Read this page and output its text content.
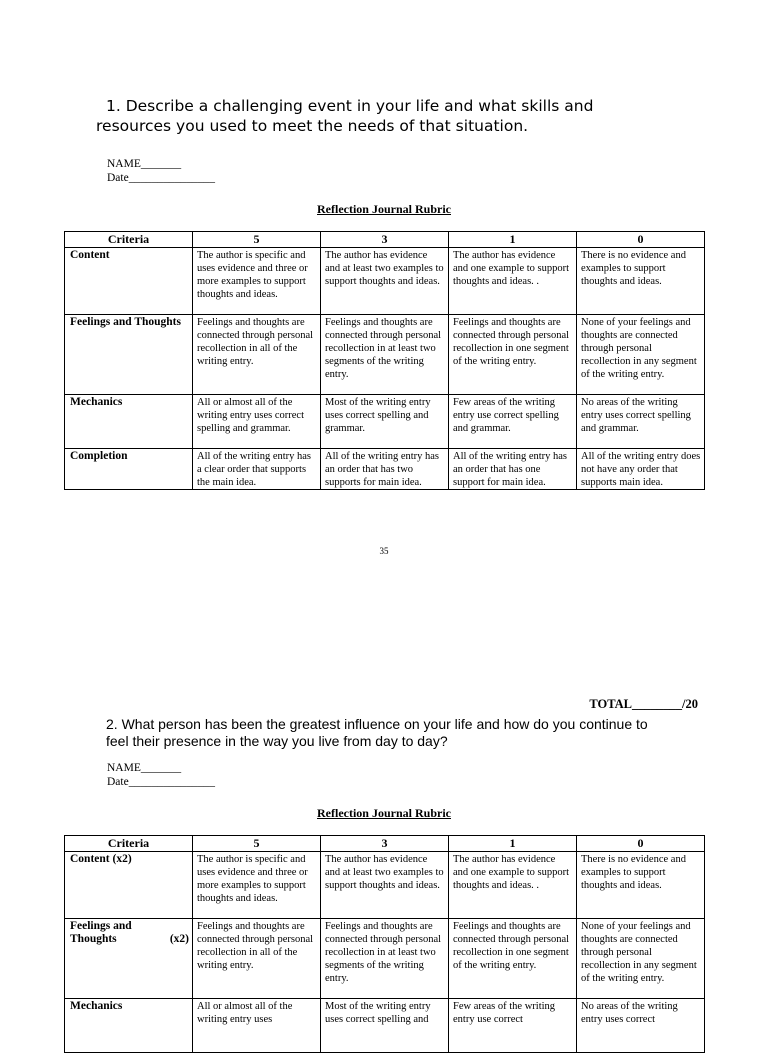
1. Describe a challenging event in your life and what skills and
resources you used to meet the needs of that situation.
NAME_______
Date_______________
Reflection Journal Rubric
Criteria	5	3	1	0
Content	The author is specific and uses evidence and three or more examples to support thoughts and ideas.	The author has evidence and at least two examples to support thoughts and ideas.	The author has evidence and one example to support thoughts and ideas. .	There is no evidence and examples to support thoughts and ideas.
Feelings and Thoughts	Feelings and thoughts are connected through personal recollection in all of the writing entry.	Feelings and thoughts are connected through personal recollection in at least two segments of the writing entry.	Feelings and thoughts are connected through personal recollection in one segment of the writing entry.	None of your feelings and thoughts are connected through personal recollection in any segment of the writing entry.
Mechanics	All or almost all of the writing entry uses correct spelling and grammar.	Most of the writing entry uses correct spelling and grammar.	Few areas of the writing entry use correct spelling and grammar.	No areas of the writing entry uses correct spelling and grammar.
Completion	All of the writing entry has a clear order that supports the main idea.	All of the writing entry has an order that has two supports for main idea.	All of the writing entry has an order that has one support for main idea.	All of the writing entry does not have any order that supports main idea.
35
TOTAL________/20
2. What person has been the greatest influence on your life and how do you continue to
feel their presence in the way you live from day to day?
NAME_______
Date_______________
Reflection Journal Rubric
Criteria	5	3	1	0
Content (x2)	The author is specific and uses evidence and three or more examples to support thoughts and ideas.	The author has evidence and at least two examples to support thoughts and ideas.	The author has evidence and one example to support thoughts and ideas. .	There is no evidence and examples to support thoughts and ideas.

Feelings and
Thoughts (x2)	Feelings and thoughts are connected through personal recollection in all of the writing entry.	Feelings and thoughts are connected through personal recollection in at least two segments of the writing entry.	Feelings and thoughts are connected through personal recollection in one segment of the writing entry.	None of your feelings and thoughts are connected through personal recollection in any segment of the writing entry.
Mechanics	All or almost all of the writing entry uses	Most of the writing entry uses correct spelling and	Few areas of the writing entry use correct	No areas of the writing entry uses correct
